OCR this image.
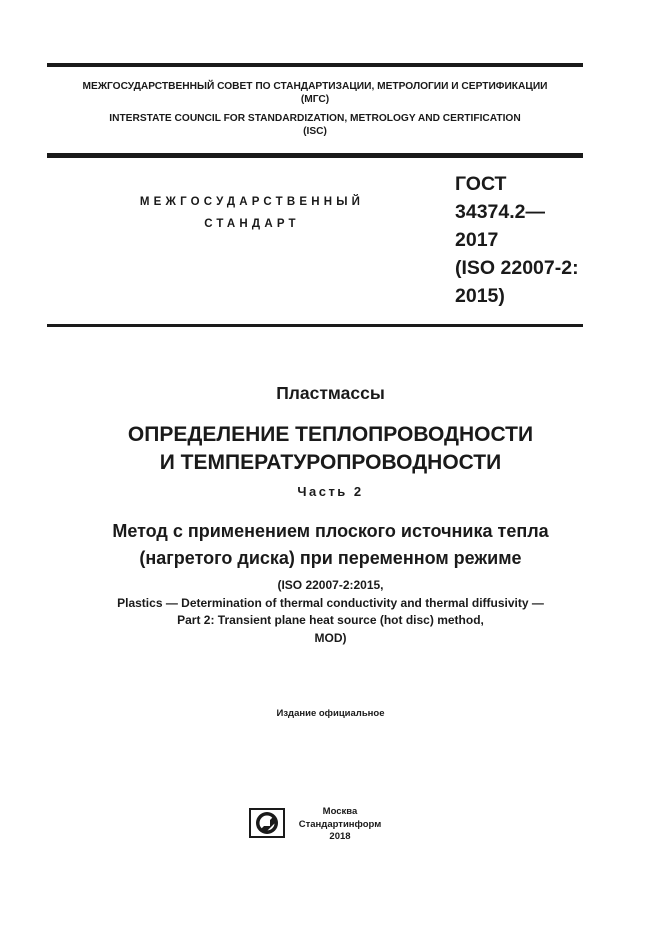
МЕЖГОСУДАРСТВЕННЫЙ СОВЕТ ПО СТАНДАРТИЗАЦИИ, МЕТРОЛОГИИ И СЕРТИФИКАЦИИ
(МГС)
INTERSTATE COUNCIL FOR STANDARDIZATION, METROLOGY AND CERTIFICATION
(ISC)
МЕЖГОСУДАРСТВЕННЫЙ
СТАНДАРТ
ГОСТ
34374.2—
2017
(ISO 22007-2:
2015)
Пластмассы
ОПРЕДЕЛЕНИЕ ТЕПЛОПРОВОДНОСТИ
И ТЕМПЕРАТУРОПРОВОДНОСТИ
Часть 2
Метод с применением плоского источника тепла
(нагретого диска) при переменном режиме
(ISO 22007-2:2015,
Plastics — Determination of thermal conductivity and thermal diffusivity —
Part 2: Transient plane heat source (hot disc) method,
MOD)
Издание официальное
Москва
Стандартинформ
2018
